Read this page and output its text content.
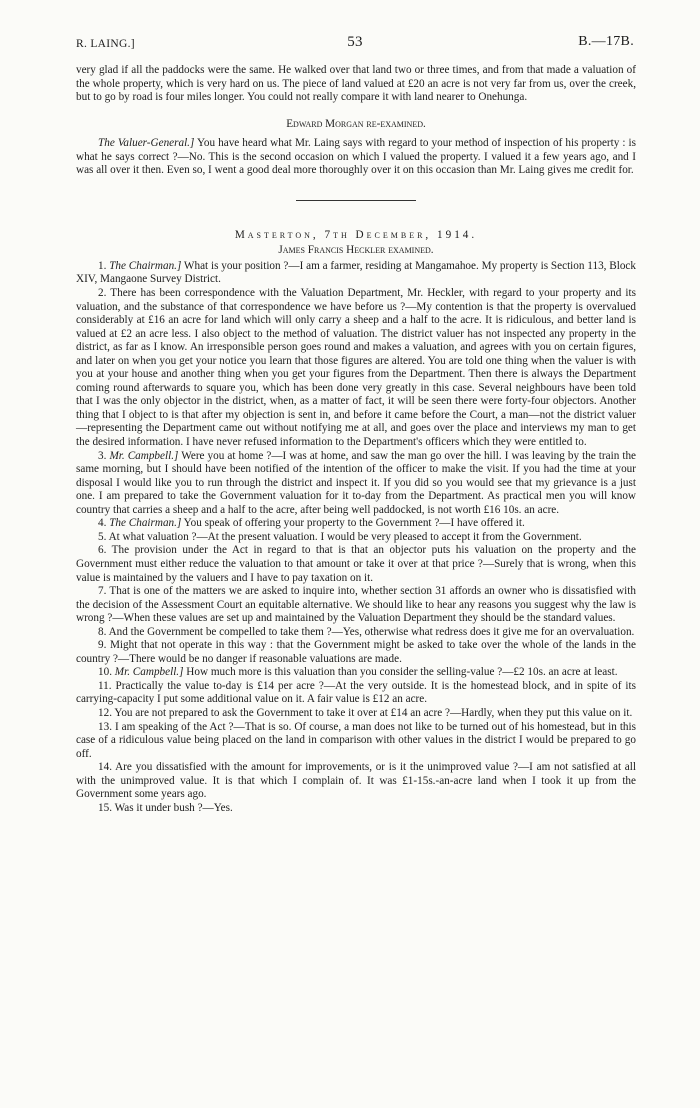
R. LAING.]	53	B.—17B.

very glad if all the paddocks were the same. He walked over that land two or three times, and from that made a valuation of the whole property, which is very hard on us. The piece of land valued at £20 an acre is not very far from us, over the creek, but to go by road is four miles longer. You could not really compare it with land nearer to Onehunga.

Edward Morgan re-examined.

The Valuer-General.] You have heard what Mr. Laing says with regard to your method of inspection of his property : is what he says correct ?—No. This is the second occasion on which I valued the property. I valued it a few years ago, and I was all over it then. Even so, I went a good deal more thoroughly over it on this occasion than Mr. Laing gives me credit for.

Masterton, 7th December, 1914.

James Francis Heckler examined.

1. The Chairman.] What is your position ?—I am a farmer, residing at Mangamahoe. My property is Section 113, Block XIV, Mangaone Survey District.

2. There has been correspondence with the Valuation Department, Mr. Heckler, with regard to your property and its valuation, and the substance of that correspondence we have before us ?—My contention is that the property is overvalued considerably at £16 an acre for land which will only carry a sheep and a half to the acre. It is ridiculous, and better land is valued at £2 an acre less. I also object to the method of valuation. The district valuer has not inspected any property in the district, as far as I know. An irresponsible person goes round and makes a valuation, and agrees with you on certain figures, and later on when you get your notice you learn that those figures are altered. You are told one thing when the valuer is with you at your house and another thing when you get your figures from the Department. Then there is always the Department coming round afterwards to square you, which has been done very greatly in this case. Several neighbours have been told that I was the only objector in the district, when, as a matter of fact, it will be seen there were forty-four objectors. Another thing that I object to is that after my objection is sent in, and before it came before the Court, a man—not the district valuer—representing the Department came out without notifying me at all, and goes over the place and interviews my man to get the desired information. I have never refused information to the Department's officers which they were entitled to.

3. Mr. Campbell.] Were you at home ?—I was at home, and saw the man go over the hill. I was leaving by the train the same morning, but I should have been notified of the intention of the officer to make the visit. If you had the time at your disposal I would like you to run through the district and inspect it. If you did so you would see that my grievance is a just one. I am prepared to take the Government valuation for it to-day from the Department. As practical men you will know country that carries a sheep and a half to the acre, after being well paddocked, is not worth £16 10s. an acre.

4. The Chairman.] You speak of offering your property to the Government ?—I have offered it.

5. At what valuation ?—At the present valuation. I would be very pleased to accept it from the Government.

6. The provision under the Act in regard to that is that an objector puts his valuation on the property and the Government must either reduce the valuation to that amount or take it over at that price ?—Surely that is wrong, when this value is maintained by the valuers and I have to pay taxation on it.

7. That is one of the matters we are asked to inquire into, whether section 31 affords an owner who is dissatisfied with the decision of the Assessment Court an equitable alternative. We should like to hear any reasons you suggest why the law is wrong ?—When these values are set up and maintained by the Valuation Department they should be the standard values.

8. And the Government be compelled to take them ?—Yes, otherwise what redress does it give me for an overvaluation.

9. Might that not operate in this way : that the Government might be asked to take over the whole of the lands in the country ?—There would be no danger if reasonable valuations are made.

10. Mr. Campbell.] How much more is this valuation than you consider the selling-value ?—£2 10s. an acre at least.

11. Practically the value to-day is £14 per acre ?—At the very outside. It is the homestead block, and in spite of its carrying-capacity I put some additional value on it. A fair value is £12 an acre.

12. You are not prepared to ask the Government to take it over at £14 an acre ?—Hardly, when they put this value on it.

13. I am speaking of the Act ?—That is so. Of course, a man does not like to be turned out of his homestead, but in this case of a ridiculous value being placed on the land in comparison with other values in the district I would be prepared to go off.

14. Are you dissatisfied with the amount for improvements, or is it the unimproved value ?—I am not satisfied at all with the unimproved value. It is that which I complain of. It was £1-15s.-an-acre land when I took it up from the Government some years ago.

15. Was it under bush ?—Yes.
